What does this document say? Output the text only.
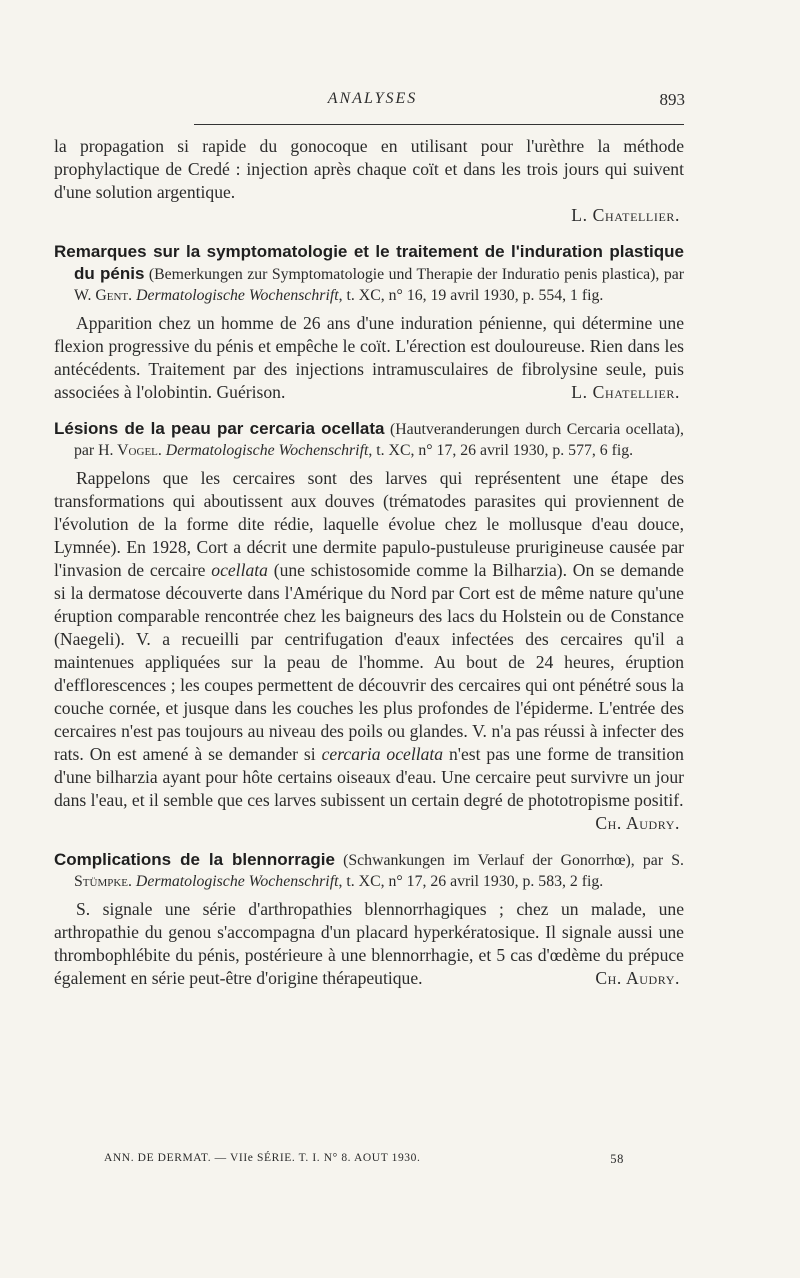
ANALYSES	893

la propagation si rapide du gonocoque en utilisant pour l'urèthre la méthode prophylactique de Credé : injection après chaque coït et dans les trois jours qui suivent d'une solution argentique.

L. Chatellier.

Remarques sur la symptomatologie et le traitement de l'induration plastique du pénis (Bemerkungen zur Symptomatologie und Therapie der Induratio penis plastica), par W. Gent. Dermatologische Wochenschrift, t. XC, n° 16, 19 avril 1930, p. 554, 1 fig.

Apparition chez un homme de 26 ans d'une induration pénienne, qui détermine une flexion progressive du pénis et empêche le coït. L'érection est douloureuse. Rien dans les antécédents. Traitement par des injections intramusculaires de fibrolysine seule, puis associées à l'olobintin. Guérison.	L. Chatellier.

Lésions de la peau par cercaria ocellata (Hautveranderungen durch Cercaria ocellata), par H. Vogel. Dermatologische Wochenschrift, t. XC, n° 17, 26 avril 1930, p. 577, 6 fig.

Rappelons que les cercaires sont des larves qui représentent une étape des transformations qui aboutissent aux douves (trématodes parasites qui proviennent de l'évolution de la forme dite rédie, laquelle évolue chez le mollusque d'eau douce, Lymnée). En 1928, Cort a décrit une dermite papulo-pustuleuse prurigineuse causée par l'invasion de cercaire ocellata (une schistosomide comme la Bilharzia). On se demande si la dermatose découverte dans l'Amérique du Nord par Cort est de même nature qu'une éruption comparable rencontrée chez les baigneurs des lacs du Holstein ou de Constance (Naegeli). V. a recueilli par centrifugation d'eaux infectées des cercaires qu'il a maintenues appliquées sur la peau de l'homme. Au bout de 24 heures, éruption d'efflorescences ; les coupes permettent de découvrir des cercaires qui ont pénétré sous la couche cornée, et jusque dans les couches les plus profondes de l'épiderme. L'entrée des cercaires n'est pas toujours au niveau des poils ou glandes. V. n'a pas réussi à infecter des rats. On est amené à se demander si cercaria ocellata n'est pas une forme de transition d'une bilharzia ayant pour hôte certains oiseaux d'eau. Une cercaire peut survivre un jour dans l'eau, et il semble que ces larves subissent un certain degré de phototropisme positif.

Ch. Audry.

Complications de la blennorragie (Schwankungen im Verlauf der Gonorrhœ), par S. Stümpke. Dermatologische Wochenschrift, t. XC, n° 17, 26 avril 1930, p. 583, 2 fig.

S. signale une série d'arthropathies blennorrhagiques ; chez un malade, une arthropathie du genou s'accompagna d'un placard hyperkératosique. Il signale aussi une thrombophlébite du pénis, postérieure à une blennorrhagie, et 5 cas d'œdème du prépuce également en série peut-être d'origine thérapeutique.	Ch. Audry.

ANN. DE DERMAT. — VIIe SÉRIE. T. I. N° 8. AOUT 1930.	58
